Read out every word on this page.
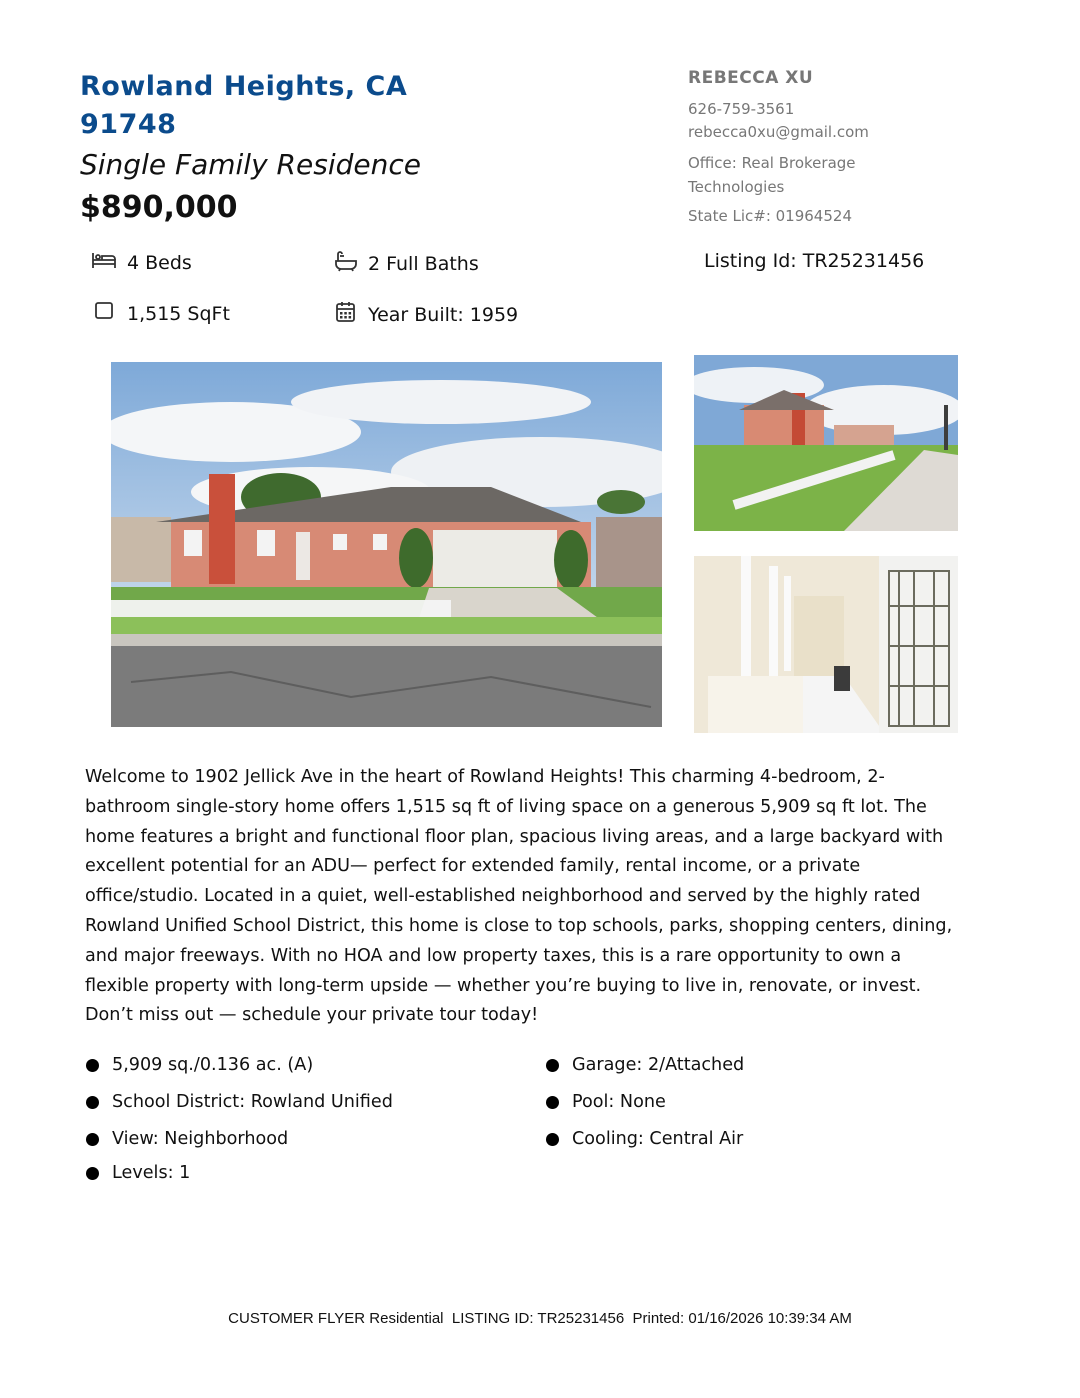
Rowland Heights, CA
91748
Single Family Residence
$890,000
REBECCA XU
626-759-3561
rebecca0xu@gmail.com
Office: Real Brokerage
Technologies
State Lic#: 01964524
4 Beds	2 Full Baths	Listing Id: TR25231456
1,515 SqFt	Year Built: 1959
Welcome to 1902 Jellick Ave in the heart of Rowland Heights! This charming 4-bedroom, 2-bathroom single-story home offers 1,515 sq ft of living space on a generous 5,909 sq ft lot. The home features a bright and functional floor plan, spacious living areas, and a large backyard with excellent potential for an ADU— perfect for extended family, rental income, or a private office/studio. Located in a quiet, well-established neighborhood and served by the highly rated Rowland Unified School District, this home is close to top schools, parks, shopping centers, dining, and major freeways. With no HOA and low property taxes, this is a rare opportunity to own a flexible property with long-term upside — whether you’re buying to live in, renovate, or invest. Don’t miss out — schedule your private tour today!
5,909 sq./0.136 ac. (A)
School District: Rowland Unified
View: Neighborhood
Levels: 1
Garage: 2/Attached
Pool: None
Cooling: Central Air
CUSTOMER FLYER Residential  LISTING ID: TR25231456  Printed: 01/16/2026 10:39:34 AM
